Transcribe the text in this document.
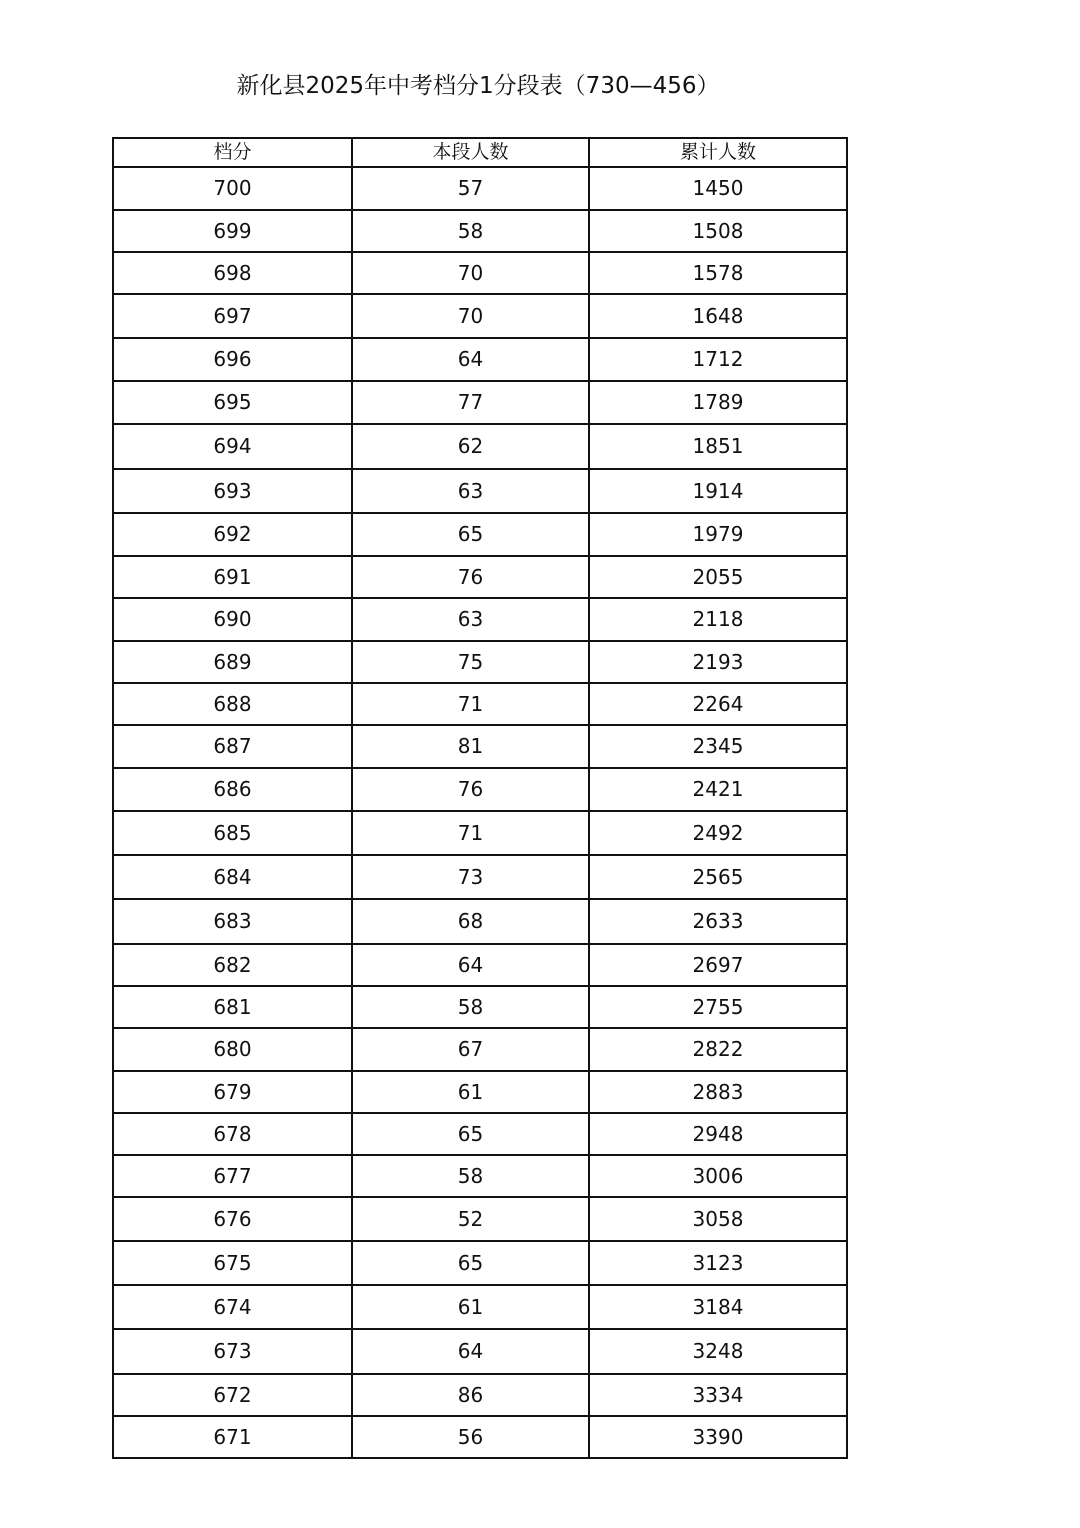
新化县2025年中考档分1分段表（730—456）
档分	本段人数	累计人数
700	57	1450
699	58	1508
698	70	1578
697	70	1648
696	64	1712
695	77	1789
694	62	1851
693	63	1914
692	65	1979
691	76	2055
690	63	2118
689	75	2193
688	71	2264
687	81	2345
686	76	2421
685	71	2492
684	73	2565
683	68	2633
682	64	2697
681	58	2755
680	67	2822
679	61	2883
678	65	2948
677	58	3006
676	52	3058
675	65	3123
674	61	3184
673	64	3248
672	86	3334
671	56	3390
